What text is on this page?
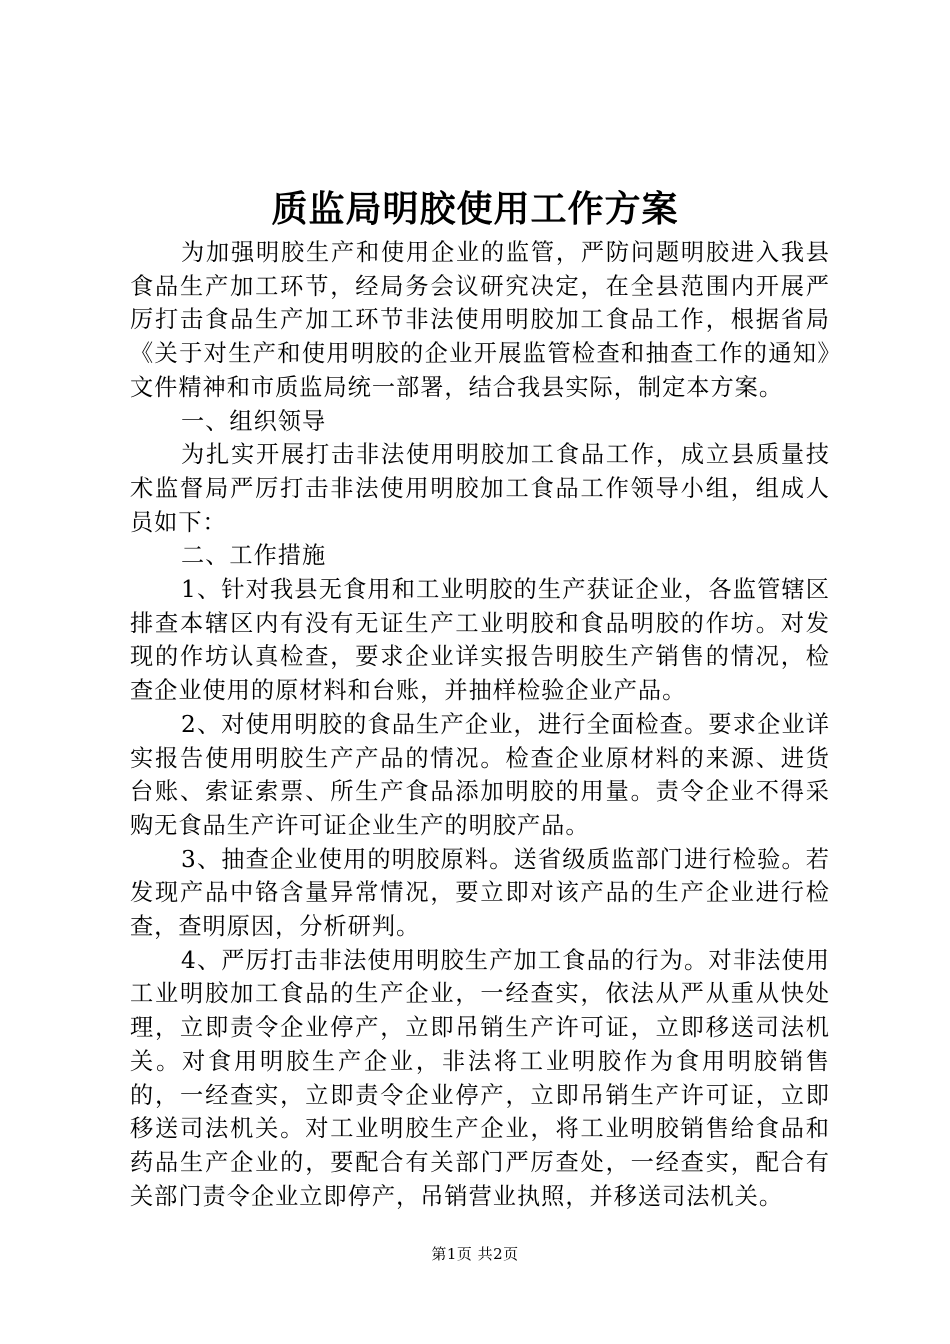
质监局明胶使用工作方案

为加强明胶生产和使用企业的监管，严防问题明胶进入我县食品生产加工环节，经局务会议研究决定，在全县范围内开展严厉打击食品生产加工环节非法使用明胶加工食品工作，根据省局《关于对生产和使用明胶的企业开展监管检查和抽查工作的通知》文件精神和市质监局统一部署，结合我县实际，制定本方案。

一、组织领导

为扎实开展打击非法使用明胶加工食品工作，成立县质量技术监督局严厉打击非法使用明胶加工食品工作领导小组，组成人员如下：

二、工作措施

1、针对我县无食用和工业明胶的生产获证企业，各监管辖区排查本辖区内有没有无证生产工业明胶和食品明胶的作坊。对发现的作坊认真检查，要求企业详实报告明胶生产销售的情况，检查企业使用的原材料和台账，并抽样检验企业产品。

2、对使用明胶的食品生产企业，进行全面检查。要求企业详实报告使用明胶生产产品的情况。检查企业原材料的来源、进货台账、索证索票、所生产食品添加明胶的用量。责令企业不得采购无食品生产许可证企业生产的明胶产品。

3、抽查企业使用的明胶原料。送省级质监部门进行检验。若发现产品中铬含量异常情况，要立即对该产品的生产企业进行检查，查明原因，分析研判。

4、严厉打击非法使用明胶生产加工食品的行为。对非法使用工业明胶加工食品的生产企业，一经查实，依法从严从重从快处理，立即责令企业停产，立即吊销生产许可证，立即移送司法机关。对食用明胶生产企业，非法将工业明胶作为食用明胶销售的，一经查实，立即责令企业停产，立即吊销生产许可证，立即移送司法机关。对工业明胶生产企业，将工业明胶销售给食品和药品生产企业的，要配合有关部门严厉查处，一经查实，配合有关部门责令企业立即停产，吊销营业执照，并移送司法机关。

第1页 共2页
